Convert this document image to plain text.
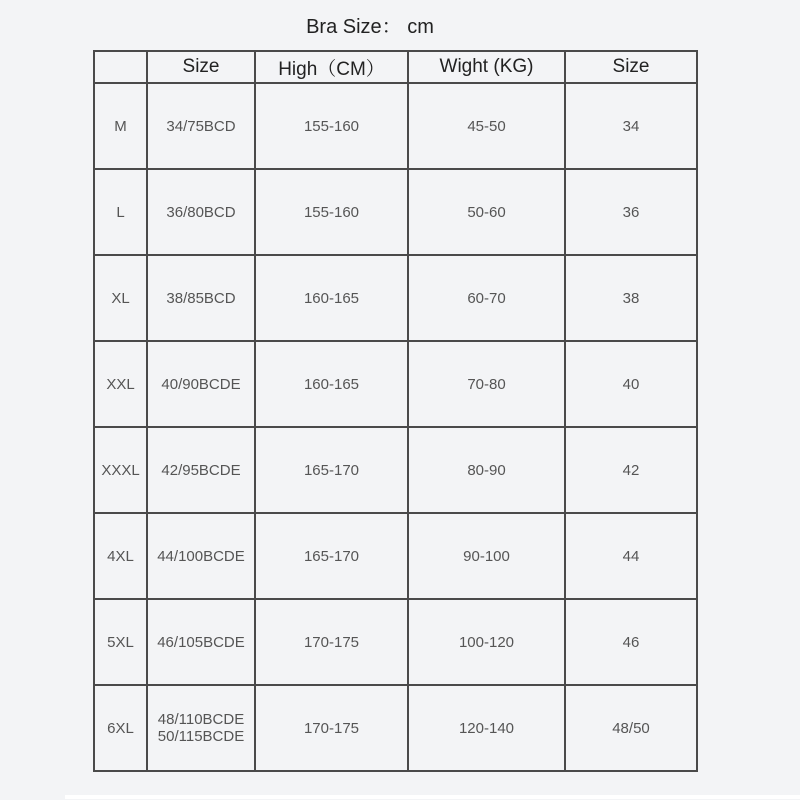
Bra Size： cm
	Size	High（CM）	Wight (KG)	Size
M	34/75BCD	155-160	45-50	34
L	36/80BCD	155-160	50-60	36
XL	38/85BCD	160-165	60-70	38
XXL	40/90BCDE	160-165	70-80	40
XXXL	42/95BCDE	165-170	80-90	42
4XL	44/100BCDE	165-170	90-100	44
5XL	46/105BCDE	170-175	100-120	46
6XL	48/110BCDE 50/115BCDE	170-175	120-140	48/50
